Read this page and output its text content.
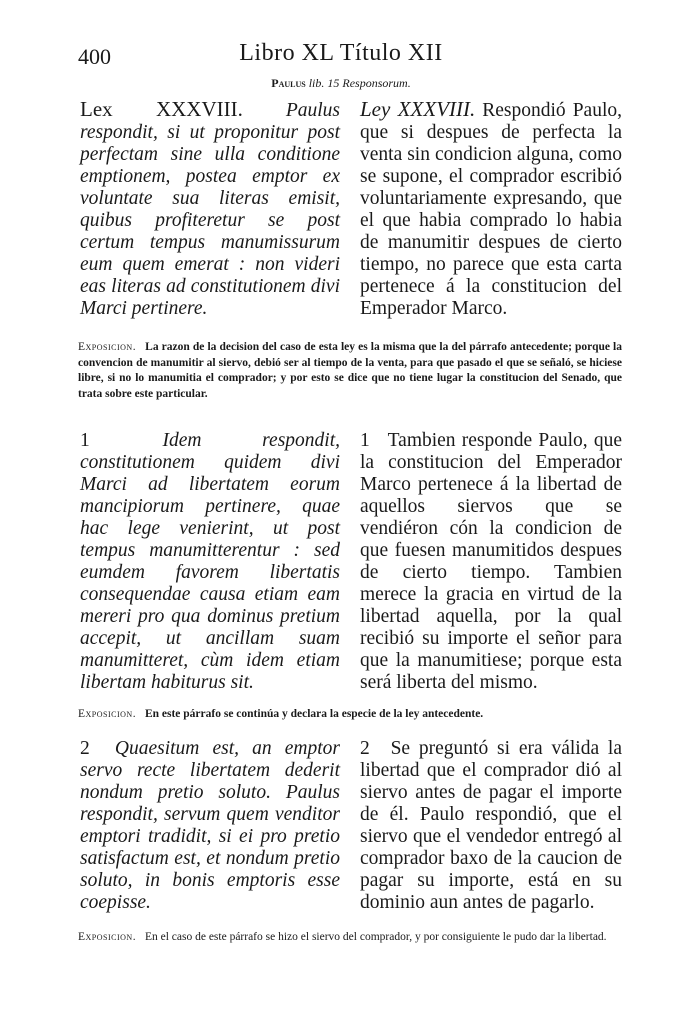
400	Libro XL Título XII
Paulus lib. 15 Responsorum.

Lex XXXVIII. Paulus respondit, si ut proponitur post perfectam sine ulla conditione emptionem, postea emptor ex voluntate sua literas emisit, quibus profiteretur se post certum tempus manumissurum eum quem emerat : non videri eas literas ad constitutionem divi Marci pertinere.

Ley XXXVIII. Respondió Paulo, que si despues de perfecta la venta sin condicion alguna, como se supone, el comprador escribió voluntariamente expresando, que el que habia comprado lo habia de manumitir despues de cierto tiempo, no parece que esta carta pertenece á la constitucion del Emperador Marco.

Exposicion. La razon de la decision del caso de esta ley es la misma que la del párrafo antecedente; porque la convencion de manumitir al siervo, debió ser al tiempo de la venta, para que pasado el que se señaló, se hiciese libre, si no lo manumitia el comprador; y por esto se dice que no tiene lugar la constitucion del Senado, que trata sobre este particular.

1	Idem respondit, constitutionem quidem divi Marci ad libertatem eorum mancipiorum pertinere, quae hac lege venierint, ut post tempus manumitterentur : sed eumdem favorem libertatis consequendae causa etiam eam mereri pro qua dominus pretium accepit, ut ancillam suam manumitteret, cùm idem etiam libertam habiturus sit.

1 Tambien responde Paulo, que la constitucion del Emperador Marco pertenece á la libertad de aquellos siervos que se vendiéron cón la condicion de que fuesen manumitidos despues de cierto tiempo. Tambien merece la gracia en virtud de la libertad aquella, por la qual recibió su importe el señor para que la manumitiese; porque esta será liberta del mismo.

Exposicion. En este párrafo se continúa y declara la especie de la ley antecedente.

2 Quaesitum est, an emptor servo recte libertatem dederit nondum pretio soluto. Paulus respondit, servum quem venditor emptori tradidit, si ei pro pretio satisfactum est, et nondum pretio soluto, in bonis emptoris esse coepisse.

2 Se preguntó si era válida la libertad que el comprador dió al siervo antes de pagar el importe de él. Paulo respondió, que el siervo que el vendedor entregó al comprador baxo de la caucion de pagar su importe, está en su dominio aun antes de pagarlo.

Exposicion. En el caso de este párrafo se hizo el siervo del comprador, y por consiguiente le pudo dar la libertad.
